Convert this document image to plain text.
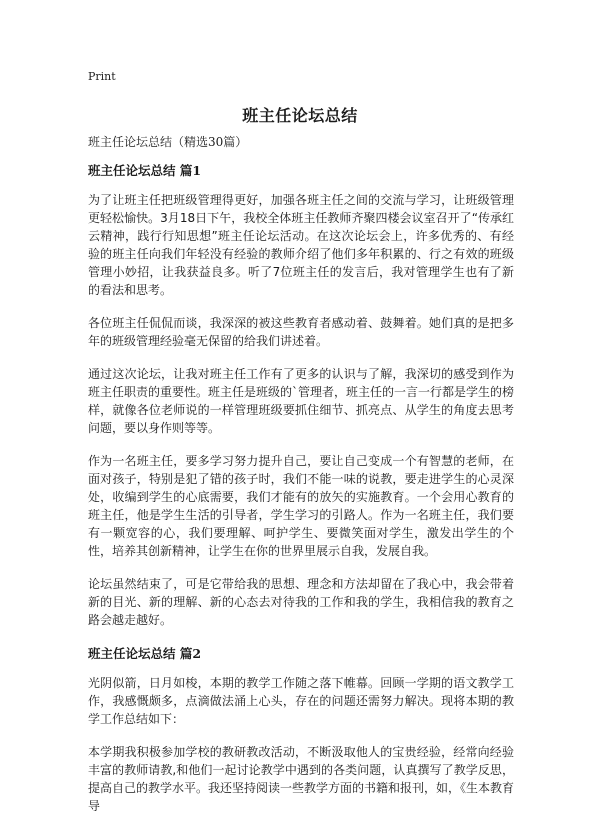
Print
班主任论坛总结
班主任论坛总结（精选30篇）
班主任论坛总结 篇1

为了让班主任把班级管理得更好，加强各班主任之间的交流与学习，让班级管理更轻松愉快。3月18日下午，我校全体班主任教师齐聚四楼会议室召开了“传承红云精神，践行行知思想”班主任论坛活动。在这次论坛会上，许多优秀的、有经验的班主任向我们年轻没有经验的教师介绍了他们多年积累的、行之有效的班级管理小妙招，让我获益良多。听了7位班主任的发言后，我对管理学生也有了新的看法和思考。

各位班主任侃侃而谈，我深深的被这些教育者感动着、鼓舞着。她们真的是把多年的班级管理经验毫无保留的给我们讲述着。

通过这次论坛，让我对班主任工作有了更多的认识与了解，我深切的感受到作为班主任职责的重要性。班主任是班级的`管理者，班主任的一言一行都是学生的榜样，就像各位老师说的一样管理班级要抓住细节、抓亮点、从学生的角度去思考问题，要以身作则等等。

作为一名班主任，要多学习努力提升自己，要让自己变成一个有智慧的老师，在面对孩子，特别是犯了错的孩子时，我们不能一味的说教，要走进学生的心灵深处，收编到学生的心底需要，我们才能有的放矢的实施教育。一个会用心教育的班主任，他是学生生活的引导者，学生学习的引路人。作为一名班主任，我们要有一颗宽容的心，我们要理解、呵护学生、要微笑面对学生，激发出学生的个性，培养其创新精神，让学生在你的世界里展示自我，发展自我。

论坛虽然结束了，可是它带给我的思想、理念和方法却留在了我心中，我会带着新的目光、新的理解、新的心态去对待我的工作和我的学生，我相信我的教育之路会越走越好。

班主任论坛总结 篇2

光阴似箭，日月如梭，本期的教学工作随之落下帷幕。回顾一学期的语文教学工作，我感慨颇多，点滴做法涌上心头，存在的问题还需努力解决。现将本期的教学工作总结如下：

本学期我积极参加学校的教研教改活动，不断汲取他人的宝贵经验，经常向经验丰富的教师请教,和他们一起讨论教学中遇到的各类问题，认真撰写了教学反思，提高自己的教学水平。我还坚持阅读一些教学方面的书籍和报刊，如，《生本教育导
